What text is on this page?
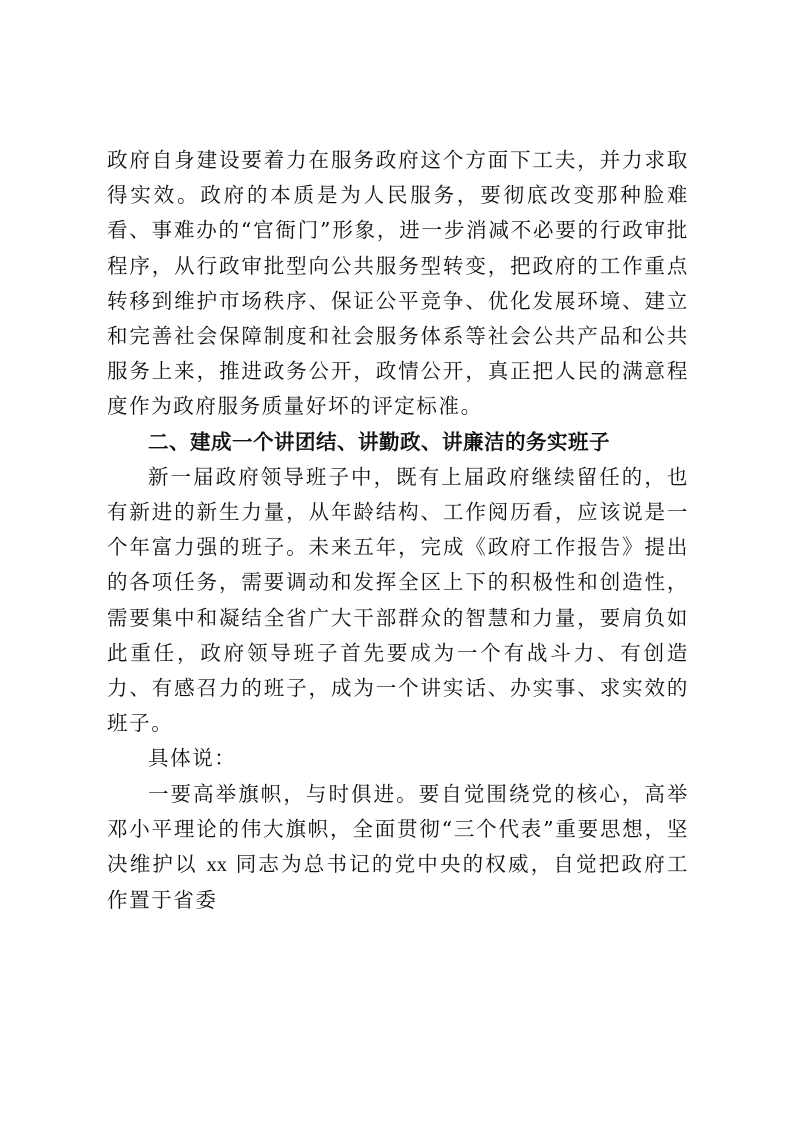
政府自身建设要着力在服务政府这个方面下工夫，并力求取得实效。政府的本质是为人民服务，要彻底改变那种脸难看、事难办的“官衙门”形象，进一步消减不必要的行政审批程序，从行政审批型向公共服务型转变，把政府的工作重点转移到维护市场秩序、保证公平竞争、优化发展环境、建立和完善社会保障制度和社会服务体系等社会公共产品和公共服务上来，推进政务公开，政情公开，真正把人民的满意程度作为政府服务质量好坏的评定标准。

二、建成一个讲团结、讲勤政、讲廉洁的务实班子

新一届政府领导班子中，既有上届政府继续留任的，也有新进的新生力量，从年龄结构、工作阅历看，应该说是一个年富力强的班子。未来五年，完成《政府工作报告》提出的各项任务，需要调动和发挥全区上下的积极性和创造性，需要集中和凝结全省广大干部群众的智慧和力量，要肩负如此重任，政府领导班子首先要成为一个有战斗力、有创造力、有感召力的班子，成为一个讲实话、办实事、求实效的班子。

具体说：

一要高举旗帜，与时俱进。要自觉围绕党的核心，高举邓小平理论的伟大旗帜，全面贯彻“三个代表”重要思想，坚决维护以 xx 同志为总书记的党中央的权威，自觉把政府工作置于省委
